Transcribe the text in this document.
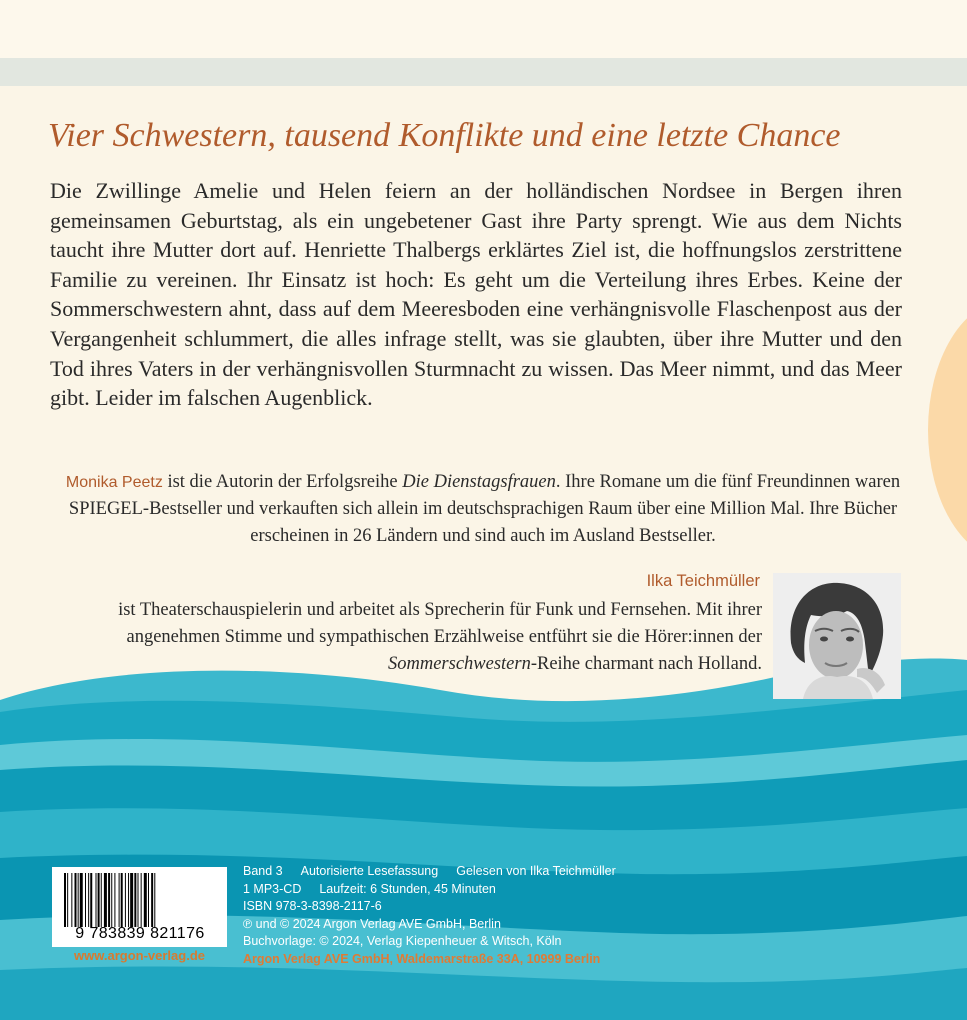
Vier Schwestern, tausend Konflikte und eine letzte Chance

Die Zwillinge Amelie und Helen feiern an der holländischen Nordsee in Bergen ihren gemeinsamen Geburtstag, als ein ungebetener Gast ihre Party sprengt. Wie aus dem Nichts taucht ihre Mutter dort auf. Henriette Thalbergs erklärtes Ziel ist, die hoffnungslos zerstrittene Familie zu vereinen. Ihr Einsatz ist hoch: Es geht um die Verteilung ihres Erbes. Keine der Sommerschwestern ahnt, dass auf dem Meeresboden eine verhängnisvolle Flaschenpost aus der Vergangenheit schlummert, die alles infrage stellt, was sie glaubten, über ihre Mutter und den Tod ihres Vaters in der verhängnisvollen Sturmnacht zu wissen. Das Meer nimmt, und das Meer gibt. Leider im falschen Augenblick.

Monika Peetz ist die Autorin der Erfolgsreihe Die Dienstagsfrauen. Ihre Romane um die fünf Freundinnen waren SPIEGEL-Bestseller und verkauften sich allein im deutschsprachigen Raum über eine Million Mal. Ihre Bücher erscheinen in 26 Ländern und sind auch im Ausland Bestseller.

Ilka Teichmüller

ist Theaterschauspielerin und arbeitet als Sprecherin für Funk und Fernsehen. Mit ihrer angenehmen Stimme und sympathischen Erzählweise entführt sie die Hörer:innen der Sommerschwestern-Reihe charmant nach Holland.

9 783839 821176

www.argon-verlag.de

Band 3 Autorisierte Lesefassung Gelesen von Ilka Teichmüller

1 MP3-CD Laufzeit: 6 Stunden, 45 Minuten

ISBN 978-3-8398-2117-6

℗ und © 2024 Argon Verlag AVE GmbH, Berlin

Buchvorlage: © 2024, Verlag Kiepenheuer & Witsch, Köln

Argon Verlag AVE GmbH, Waldemarstraße 33A, 10999 Berlin
